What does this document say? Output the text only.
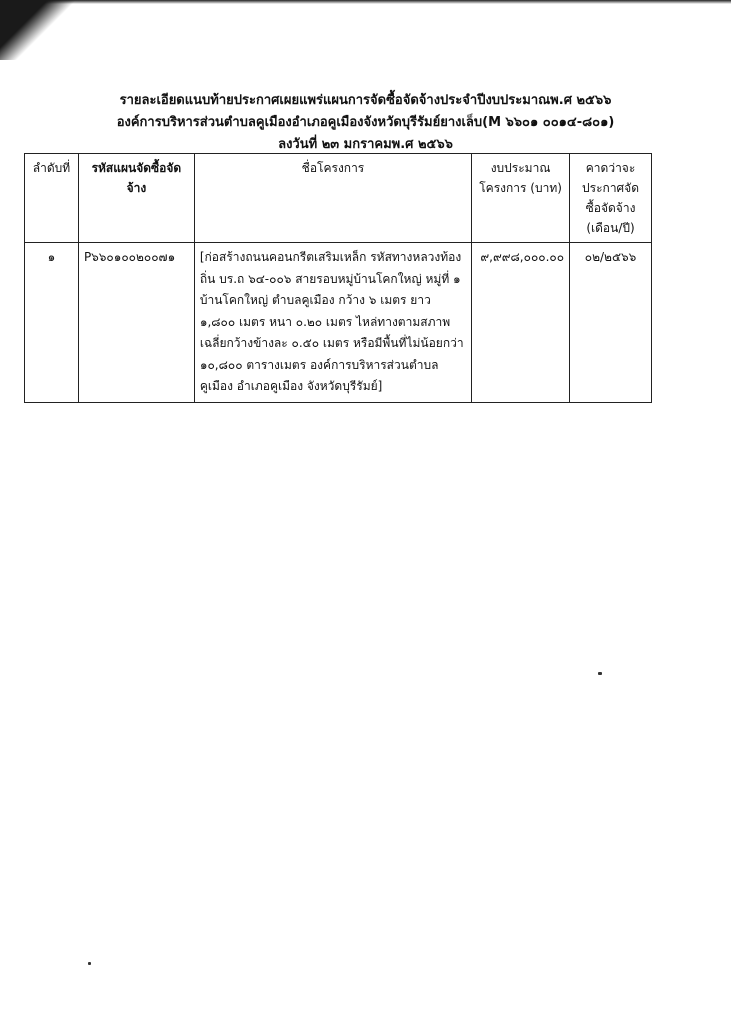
รายละเอียดแนบท้ายประกาศเผยแพร่แผนการจัดซื้อจัดจ้างประจำปีงบประมาณพ.ศ ๒๕๖๖
องค์การบริหารส่วนตำบลคูเมืองอำเภอคูเมืองจังหวัดบุรีรัมย์ยางเล็บ(M ๖๖๐๑ ๐๐๑๔-๘๐๑)
ลงวันที่ ๒๓ มกราคมพ.ศ ๒๕๖๖
ลำดับที่	รหัสแผนจัดซื้อจัดจ้าง	ชื่อโครงการ	งบประมาณโครงการ (บาท)	คาดว่าจะประกาศจัดซื้อจัดจ้าง (เดือน/ปี)
๑	P๖๖๐๑๐๐๒๐๐๗๑	[ก่อสร้างถนนคอนกรีตเสริมเหล็ก รหัสทางหลวงท้องถิ่น บร.ถ ๖๔-๐๐๖ สายรอบหมู่บ้านโคกใหญ่ หมู่ที่ ๑ บ้านโคกใหญ่ ตำบลคูเมือง กว้าง ๖ เมตร ยาว ๑,๘๐๐ เมตร หนา ๐.๒๐ เมตร ไหล่ทางตามสภาพเฉลี่ยกว้างข้างละ ๐.๕๐ เมตร หรือมีพื้นที่ไม่น้อยกว่า ๑๐,๘๐๐ ตารางเมตร องค์การบริหารส่วนตำบลคูเมือง อำเภอคูเมือง จังหวัดบุรีรัมย์]	๙,๙๙๘,๐๐๐.๐๐	๐๒/๒๕๖๖
